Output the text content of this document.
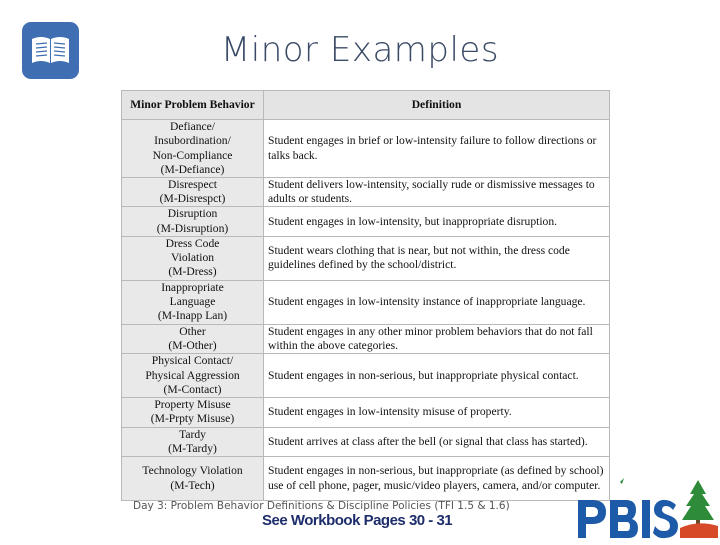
Minor Examples
Minor Problem Behavior	Definition

Defiance/
Insubordination/
Non-Compliance
(M-Defiance)	Student engages in brief or low-intensity failure to follow directions or talks back.

Disrespect
(M-Disrespct)	Student delivers low-intensity, socially rude or dismissive messages to adults or students.

Disruption
(M-Disruption)	Student engages in low-intensity, but inappropriate disruption.

Dress Code
Violation
(M-Dress)	Student wears clothing that is near, but not within, the dress code guidelines defined by the school/district.

Inappropriate
Language
(M-Inapp Lan)	Student engages in low-intensity instance of inappropriate language.

Other
(M-Other)	Student engages in any other minor problem behaviors that do not fall within the above categories.

Physical Contact/
Physical Aggression
(M-Contact)	Student engages in non-serious, but inappropriate physical contact.

Property Misuse
(M-Prpty Misuse)	Student engages in low-intensity misuse of property.

Tardy
(M-Tardy)	Student arrives at class after the bell (or signal that class has started).

Technology Violation
(M-Tech)	Student engages in non-serious, but inappropriate (as defined by school) use of cell phone, pager, music/video players, camera, and/or computer.
Day 3: Problem Behavior Definitions & Discipline Policies (TFI 1.5 & 1.6)
See Workbook Pages 30 - 31
